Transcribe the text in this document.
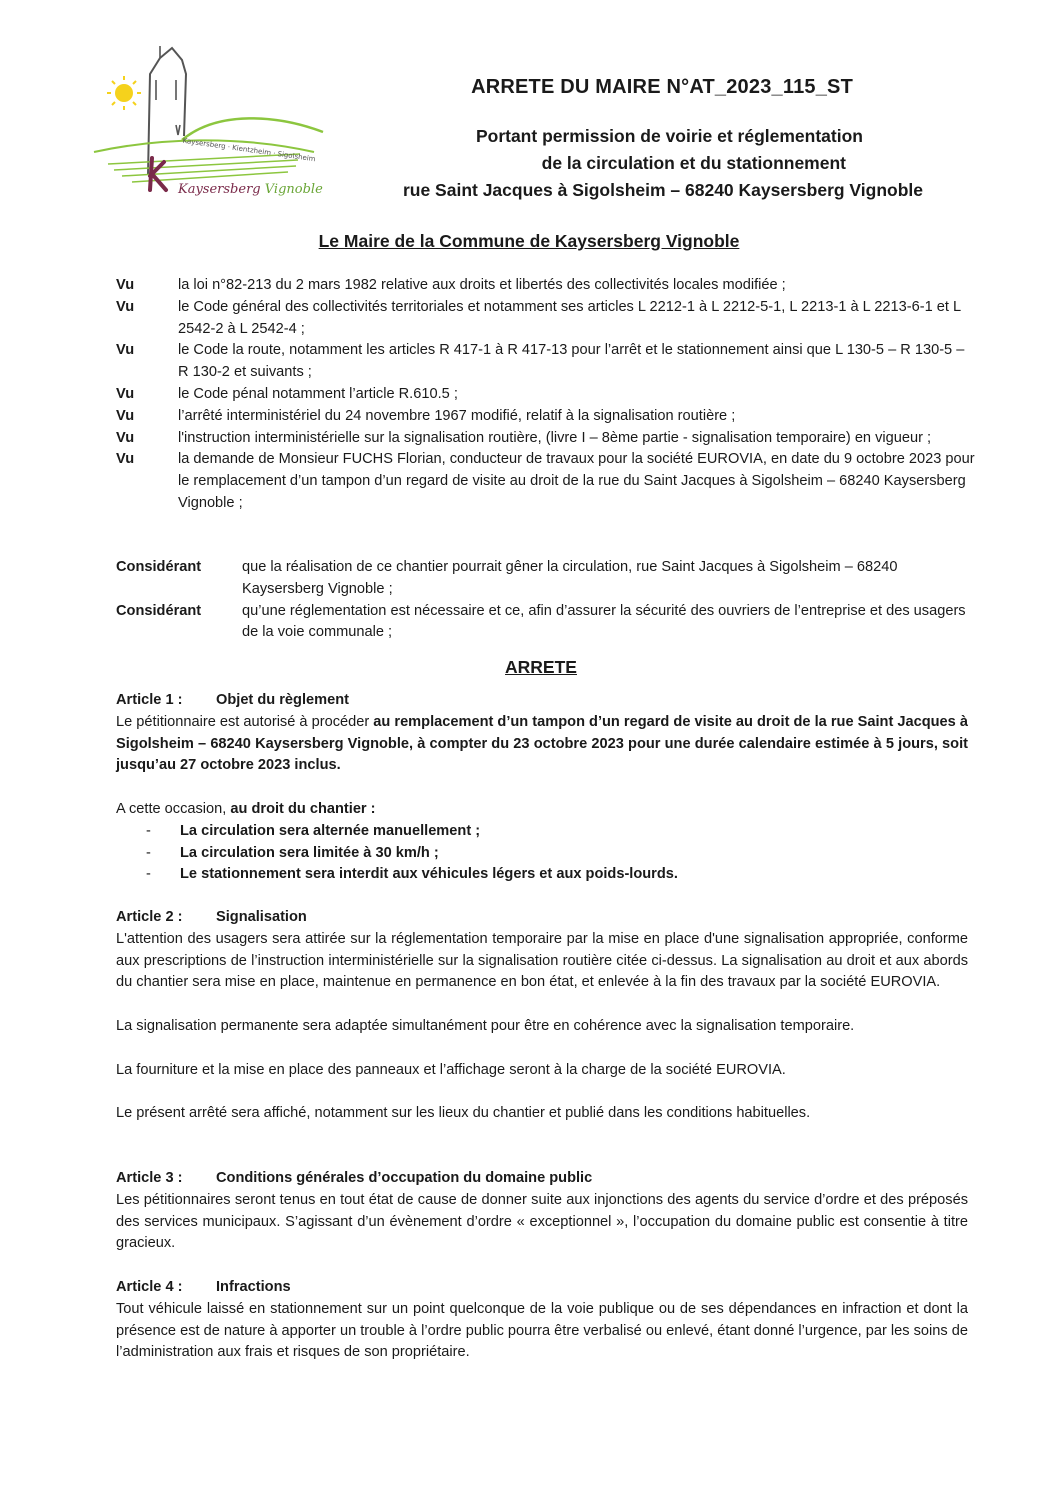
Kaysersberg · Kientzheim · Sigolsheim
Kaysersberg Vignoble
ARRETE DU MAIRE N°AT_2023_115_ST
Portant permission de voirie et réglementation
de la circulation et du stationnement
rue Saint Jacques à Sigolsheim – 68240 Kaysersberg Vignoble
Le Maire de la Commune de Kaysersberg Vignoble
Vu	la loi n°82-213 du 2 mars 1982 relative aux droits et libertés des collectivités locales modifiée ;
Vu	le Code général des collectivités territoriales et notamment ses articles L 2212-1 à L 2212-5-1, L 2213-1 à L 2213-6-1 et L 2542-2 à L 2542-4 ;
Vu	le Code la route, notamment les articles R 417-1 à R 417-13 pour l’arrêt et le stationnement ainsi que L 130-5 – R 130-5 – R 130-2 et suivants ;
Vu	le Code pénal notamment l’article R.610.5 ;
Vu	l’arrêté interministériel du 24 novembre 1967 modifié, relatif à la signalisation routière ;
Vu	l'instruction interministérielle sur la signalisation routière, (livre I – 8ème partie - signalisation temporaire) en vigueur ;
Vu	la demande de Monsieur FUCHS Florian, conducteur de travaux pour la société EUROVIA, en date du 9 octobre 2023 pour le remplacement d’un tampon d’un regard de visite au droit de la rue du Saint Jacques à Sigolsheim – 68240 Kaysersberg Vignoble ;
Considérant	que la réalisation de ce chantier pourrait gêner la circulation, rue Saint Jacques à Sigolsheim – 68240 Kaysersberg Vignoble ;
Considérant	qu’une réglementation est nécessaire et ce, afin d’assurer la sécurité des ouvriers de l’entreprise et des usagers de la voie communale ;
ARRETE
Article 1 :	Objet du règlement
Le pétitionnaire est autorisé à procéder au remplacement d’un tampon d’un regard de visite au droit de la rue Saint Jacques à Sigolsheim – 68240 Kaysersberg Vignoble, à compter du 23 octobre 2023 pour une durée calendaire estimée à 5 jours, soit jusqu’au 27 octobre 2023 inclus.
A cette occasion, au droit du chantier :
- La circulation sera alternée manuellement ;
- La circulation sera limitée à 30 km/h ;
- Le stationnement sera interdit aux véhicules légers et aux poids-lourds.
Article 2 :	Signalisation
L'attention des usagers sera attirée sur la réglementation temporaire par la mise en place d'une signalisation appropriée, conforme aux prescriptions de l’instruction interministérielle sur la signalisation routière citée ci-dessus. La signalisation au droit et aux abords du chantier sera mise en place, maintenue en permanence en bon état, et enlevée à la fin des travaux par la société EUROVIA.
La signalisation permanente sera adaptée simultanément pour être en cohérence avec la signalisation temporaire.
La fourniture et la mise en place des panneaux et l’affichage seront à la charge de la société EUROVIA.
Le présent arrêté sera affiché, notamment sur les lieux du chantier et publié dans les conditions habituelles.
Article 3 :	Conditions générales d’occupation du domaine public
Les pétitionnaires seront tenus en tout état de cause de donner suite aux injonctions des agents du service d’ordre et des préposés des services municipaux. S’agissant d’un évènement d’ordre « exceptionnel », l’occupation du domaine public est consentie à titre gracieux.
Article 4 :	Infractions
Tout véhicule laissé en stationnement sur un point quelconque de la voie publique ou de ses dépendances en infraction et dont la présence est de nature à apporter un trouble à l’ordre public pourra être verbalisé ou enlevé, étant donné l’urgence, par les soins de l’administration aux frais et risques de son propriétaire.
